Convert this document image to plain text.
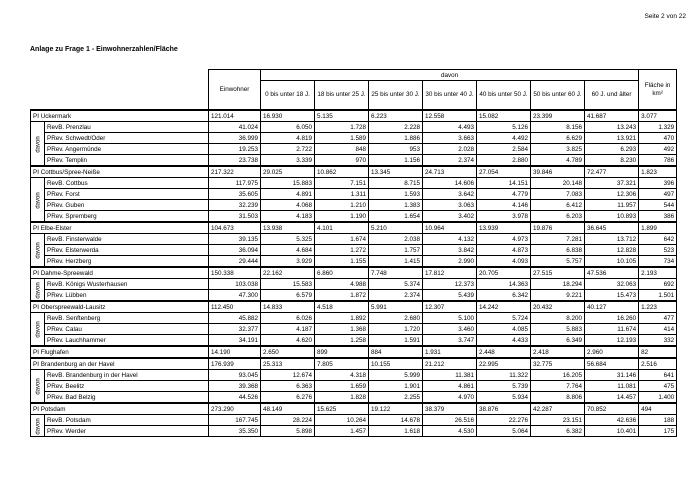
Seite 2 von 22
Anlage zu Frage 1 - Einwohnerzahlen/Fläche
		Einwohner	davon							Fläche in km²
			0 bis unter 18 J.	18 bis unter 25 J.	25 bis unter 30 J.	30 bis unter 40 J.	40 bis unter 50 J.	50 bis unter 60 J.	60 J. und älter	
PI Uckermark		121.014	16.930	5.135	6.223	12.558	15.082	23.399	41.687	3.077
davon	RevB. Prenzlau	41.024	6.050	1.728	2.228	4.493	5.126	8.156	13.243	1.329
	PRev. Schwedt/Oder	36.999	4.819	1.589	1.886	3.663	4.492	6.629	13.921	470
	PRev. Angermünde	19.253	2.722	848	953	2.028	2.584	3.825	6.293	492
	PRev. Templin	23.738	3.339	970	1.156	2.374	2.880	4.789	8.230	786
PI Cottbus/Spree-Neiße		217.322	29.025	10.862	13.345	24.713	27.054	39.846	72.477	1.823
davon	RevB. Cottbus	117.975	15.883	7.151	8.715	14.606	14.151	20.148	37.321	396
	PRev. Forst	35.605	4.891	1.311	1.593	3.642	4.779	7.083	12.306	497
	PRev. Guben	32.239	4.068	1.210	1.383	3.063	4.146	6.412	11.957	544
	PRev. Spremberg	31.503	4.183	1.190	1.654	3.402	3.978	6.203	10.893	386
PI Elbe-Elster		104.673	13.938	4.101	5.210	10.964	13.939	19.876	36.645	1.899
davon	RevB. Finsterwalde	39.135	5.325	1.674	2.038	4.132	4.973	7.281	13.712	642
	PRev. Elsterwerda	36.094	4.684	1.272	1.757	3.842	4.873	6.838	12.828	523
	PRev. Herzberg	29.444	3.929	1.155	1.415	2.990	4.093	5.757	10.105	734
PI Dahme-Spreewald		150.338	22.162	6.860	7.748	17.812	20.705	27.515	47.536	2.193
davon	RevB. Königs Wusterhausen	103.038	15.583	4.988	5.374	12.373	14.363	18.294	32.063	692
	PRev. Lübben	47.300	6.579	1.872	2.374	5.439	6.342	9.221	15.473	1.501
PI Oberspreewald-Lausitz		112.450	14.833	4.518	5.991	12.307	14.242	20.432	40.127	1.223
davon	RevB. Senftenberg	45.882	6.026	1.892	2.680	5.100	5.724	8.200	16.260	477
	PRev. Calau	32.377	4.187	1.368	1.720	3.460	4.085	5.883	11.674	414
	PRev. Lauchhammer	34.191	4.620	1.258	1.591	3.747	4.433	6.349	12.193	332
PI Flughafen		14.190	2.650	899	884	1.931	2.448	2.418	2.960	82
PI Brandenburg an der Havel		176.939	25.313	7.805	10.155	21.212	22.995	32.775	56.684	2.516
davon	RevB. Brandenburg in der Havel	93.045	12.674	4.318	5.999	11.381	11.322	16.205	31.146	641
	PRev. Beelitz	39.368	6.363	1.659	1.901	4.861	5.739	7.764	11.081	475
	PRev. Bad Belzig	44.526	6.276	1.828	2.255	4.970	5.934	8.806	14.457	1.400
PI Potsdam		273.290	48.149	15.625	19.122	38.379	38.876	42.287	70.852	494
davon	RevB. Potsdam	167.745	28.224	10.264	14.678	26.516	22.276	23.151	42.636	188
	PRev. Werder	35.350	5.898	1.457	1.618	4.530	5.064	6.382	10.401	175
